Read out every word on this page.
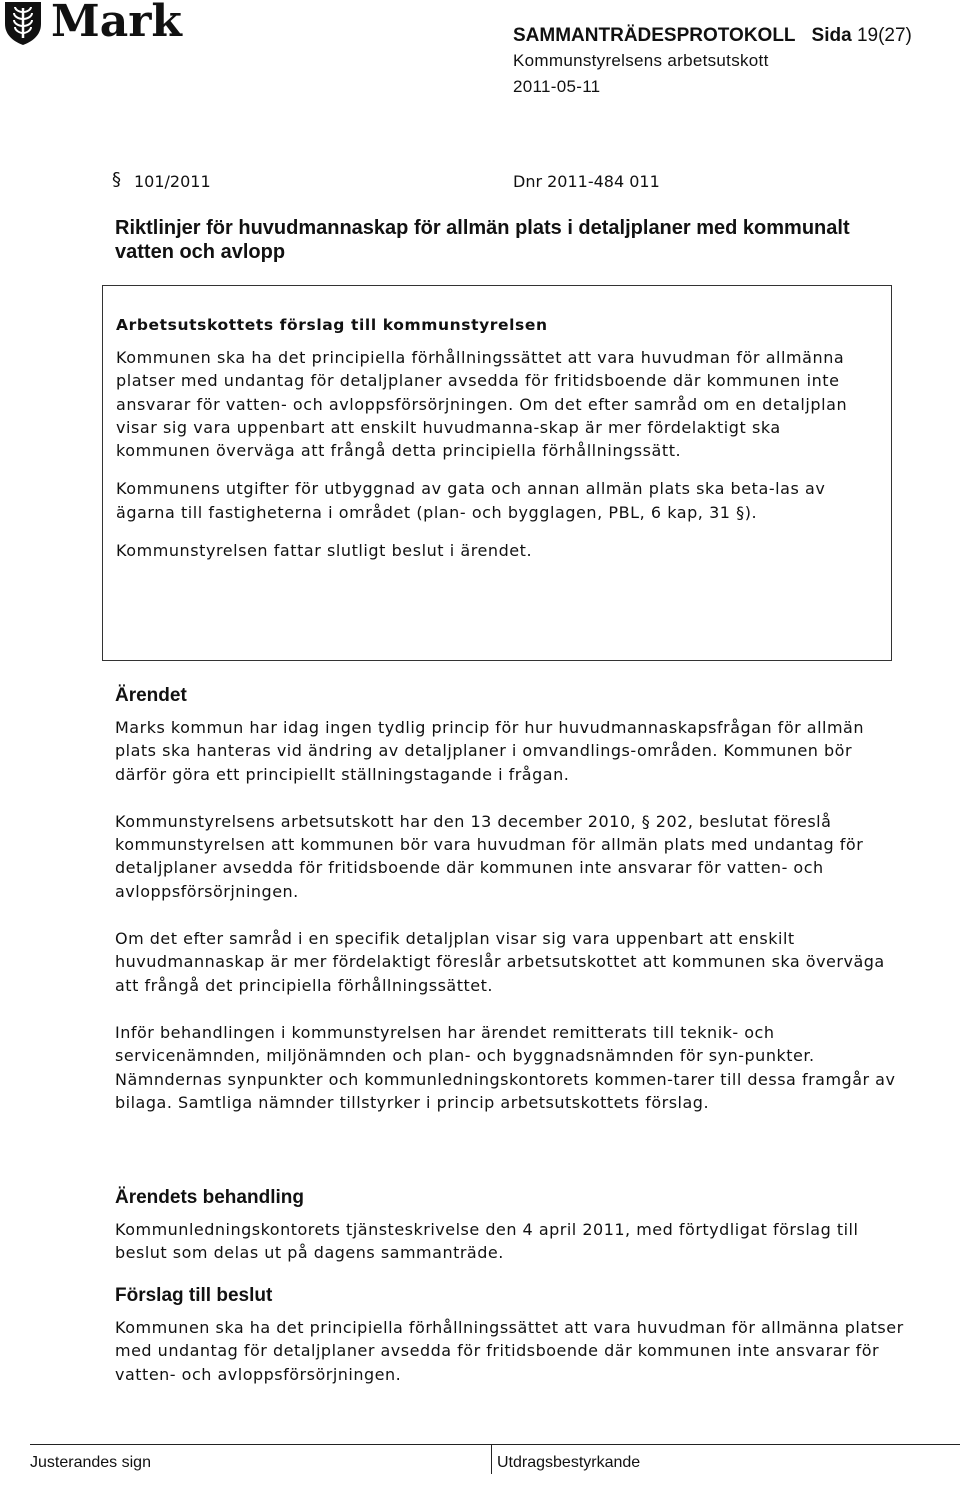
Mark	SAMMANTRÄDESPROTOKOLL Sida 19(27)
Kommunstyrelsens arbetsutskott
2011-05-11
§ 101/2011	Dnr 2011-484 011
Riktlinjer för huvudmannaskap för allmän plats i detaljplaner med kommunalt vatten och avlopp
Arbetsutskottets förslag till kommunstyrelsen

Kommunen ska ha det principiella förhållningssättet att vara huvudman för allmänna platser med undantag för detaljplaner avsedda för fritidsboende där kommunen inte ansvarar för vatten- och avloppsförsörjningen. Om det efter samråd om en detaljplan visar sig vara uppenbart att enskilt huvudmanna-skap är mer fördelaktigt ska kommunen överväga att frångå detta principiella förhållningssätt.

Kommunens utgifter för utbyggnad av gata och annan allmän plats ska beta-las av ägarna till fastigheterna i området (plan- och bygglagen, PBL, 6 kap, 31 §).

Kommunstyrelsen fattar slutligt beslut i ärendet.

Ärendet

Marks kommun har idag ingen tydlig princip för hur huvudmannaskapsfrågan för allmän plats ska hanteras vid ändring av detaljplaner i omvandlings-områden. Kommunen bör därför göra ett principiellt ställningstagande i frågan.

Kommunstyrelsens arbetsutskott har den 13 december 2010, § 202, beslutat föreslå kommunstyrelsen att kommunen bör vara huvudman för allmän plats med undantag för detaljplaner avsedda för fritidsboende där kommunen inte ansvarar för vatten- och avloppsförsörjningen.

Om det efter samråd i en specifik detaljplan visar sig vara uppenbart att enskilt huvudmannaskap är mer fördelaktigt föreslår arbetsutskottet att kommunen ska överväga att frångå det principiella förhållningssättet.

Inför behandlingen i kommunstyrelsen har ärendet remitterats till teknik- och servicenämnden, miljönämnden och plan- och byggnadsnämnden för syn-punkter. Nämndernas synpunkter och kommunledningskontorets kommen-tarer till dessa framgår av bilaga. Samtliga nämnder tillstyrker i princip arbetsutskottets förslag.

Ärendets behandling

Kommunledningskontorets tjänsteskrivelse den 4 april 2011, med förtydligat förslag till beslut som delas ut på dagens sammanträde.

Förslag till beslut

Kommunen ska ha det principiella förhållningssättet att vara huvudman för allmänna platser med undantag för detaljplaner avsedda för fritidsboende där kommunen inte ansvarar för vatten- och avloppsförsörjningen.

Justerandes sign	Utdragsbestyrkande
